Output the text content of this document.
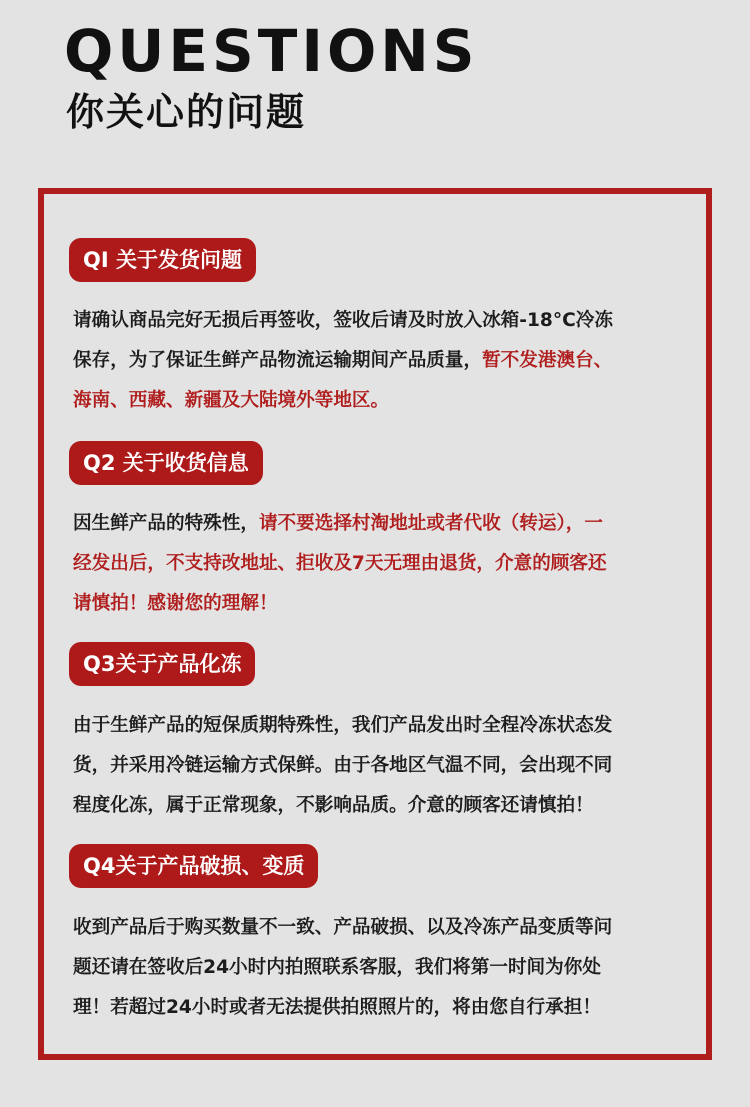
QUESTIONS
你关心的问题
QI 关于发货问题
请确认商品完好无损后再签收，签收后请及时放入冰箱-18°C冷冻
保存，为了保证生鲜产品物流运输期间产品质量，暂不发港澳台、
海南、西藏、新疆及大陆境外等地区。
Q2 关于收货信息
因生鲜产品的特殊性，请不要选择村淘地址或者代收（转运），一
经发出后，不支持改地址、拒收及7天无理由退货，介意的顾客还
请慎拍！感谢您的理解！
Q3关于产品化冻
由于生鲜产品的短保质期特殊性，我们产品发出时全程冷冻状态发
货，并采用冷链运输方式保鲜。由于各地区气温不同，会出现不同
程度化冻，属于正常现象，不影响品质。介意的顾客还请慎拍！
Q4关于产品破损、变质
收到产品后于购买数量不一致、产品破损、以及冷冻产品变质等问
题还请在签收后24小时内拍照联系客服，我们将第一时间为你处
理！若超过24小时或者无法提供拍照照片的，将由您自行承担！
